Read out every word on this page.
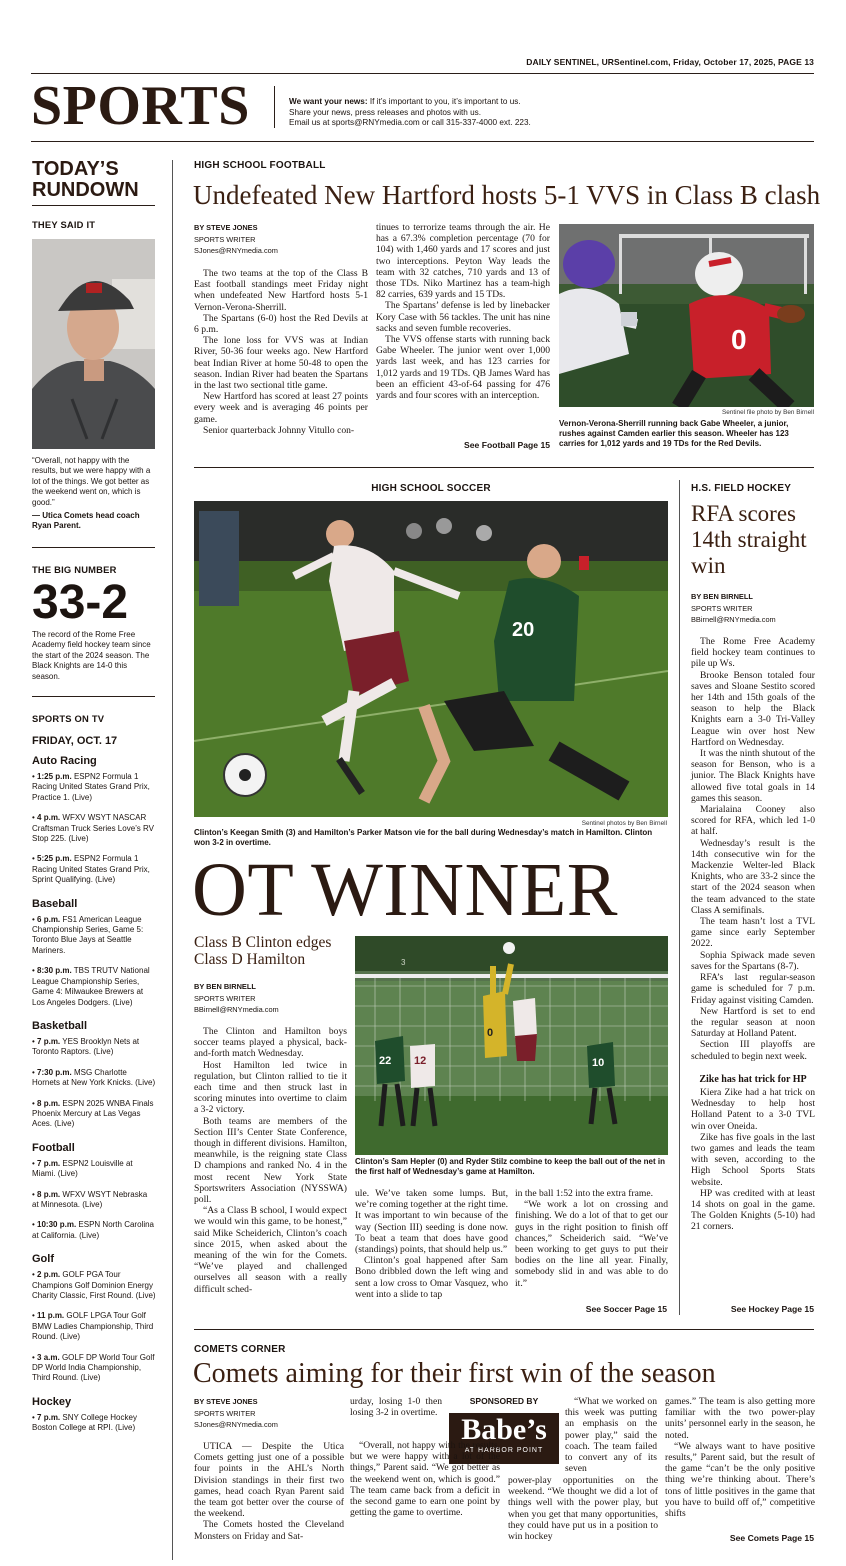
DAILY SENTINEL, URSentinel.com, Friday, October 17, 2025, PAGE 13
SPORTS	We want your news: If it’s important to you, it’s important to us.
Share your news, press releases and photos with us.
Email us at sports@RNYmedia.com or call 315-337-4000 ext. 223.
TODAY’S
RUNDOWN
THEY SAID IT
“Overall, not happy with the results, but we were happy with a lot of the things. We got better as the weekend went on, which is good.”
— Utica Comets head coach Ryan Parent.
THE BIG NUMBER
33-2
The record of the Rome Free Academy field hockey team since the start of the 2024 season. The Black Knights are 14-0 this season.
SPORTS ON TV
FRIDAY, OCT. 17
Auto Racing
• 1:25 p.m. ESPN2 Formula 1 Racing United States Grand Prix, Practice 1. (Live)
• 4 p.m. WFXV WSYT NASCAR Craftsman Truck Series Love’s RV Stop 225. (Live)
• 5:25 p.m. ESPN2 Formula 1 Racing United States Grand Prix, Sprint Qualifying. (Live)
Baseball
• 6 p.m. FS1 American League Championship Series, Game 5: Toronto Blue Jays at Seattle Mariners.
• 8:30 p.m. TBS TRUTV National League Championship Series, Game 4: Milwaukee Brewers at Los Angeles Dodgers. (Live)
Basketball
• 7 p.m. YES Brooklyn Nets at Toronto Raptors. (Live)
• 7:30 p.m. MSG Charlotte Hornets at New York Knicks. (Live)
• 8 p.m. ESPN 2025 WNBA Finals Phoenix Mercury at Las Vegas Aces. (Live)
Football
• 7 p.m. ESPN2 Louisville at Miami. (Live)
• 8 p.m. WFXV WSYT Nebraska at Minnesota. (Live)
• 10:30 p.m. ESPN North Carolina at California. (Live)
Golf
• 2 p.m. GOLF PGA Tour Champions Golf Dominion Energy Charity Classic, First Round. (Live)
• 11 p.m. GOLF LPGA Tour Golf BMW Ladies Championship, Third Round. (Live)
• 3 a.m. GOLF DP World Tour Golf DP World India Championship, Third Round. (Live)
Hockey
• 7 p.m. SNY College Hockey Boston College at RPI. (Live)
HIGH SCHOOL FOOTBALL
Undefeated New Hartford hosts 5-1 VVS in Class B clash
BY STEVE JONES
SPORTS WRITER
SJones@RNYmedia.com

The two teams at the top of the Class B East football standings meet Friday night when undefeated New Hartford hosts 5-1 Vernon-Verona-Sherrill.

The Spartans (6-0) host the Red Devils at 6 p.m.

The lone loss for VVS was at Indian River, 50-36 four weeks ago. New Hartford beat Indian River at home 50-48 to open the season. Indian River had beaten the Spartans in the last two sectional title game.

New Hartford has scored at least 27 points every week and is averaging 46 points per game.

Senior quarterback Johnny Vitullo con-

tinues to terrorize teams through the air. He has a 67.3% completion percentage (70 for 104) with 1,460 yards and 17 scores and just two interceptions. Peyton Way leads the team with 32 catches, 710 yards and 13 of those TDs. Niko Martinez has a team-high 82 carries, 639 yards and 15 TDs.

The Spartans’ defense is led by linebacker Kory Case with 56 tackles. The unit has nine sacks and seven fumble recoveries.

The VVS offense starts with running back Gabe Wheeler. The junior went over 1,000 yards last week, and has 123 carries for 1,012 yards and 19 TDs. QB James Ward has been an efficient 43-of-64 passing for 476 yards and four scores with an interception.

See Football Page 15
0
Sentinel file photo by Ben Birnell
Vernon-Verona-Sherrill running back Gabe Wheeler, a junior, rushes against Camden earlier this season. Wheeler has 123 carries for 1,012 yards and 19 TDs for the Red Devils.
HIGH SCHOOL SOCCER
20
Sentinel photos by Ben Birnell
Clinton’s Keegan Smith (3) and Hamilton’s Parker Matson vie for the ball during Wednesday’s match in Hamilton. Clinton won 3-2 in overtime.
OT WINNER
Class B Clinton edges Class D Hamilton
BY BEN BIRNELL
SPORTS WRITER
BBirnell@RNYmedia.com

The Clinton and Hamilton boys soccer teams played a physical, back-and-forth match Wednesday.

Host Hamilton led twice in regulation, but Clinton rallied to tie it each time and then struck last in scoring minutes into overtime to claim a 3-2 victory.

Both teams are members of the Section III’s Center State Conference, though in different divisions. Hamilton, meanwhile, is the reigning state Class D champions and ranked No. 4 in the most recent New York State Sportswriters Association (NYSSWA) poll.

“As a Class B school, I would expect we would win this game, to be honest,” said Mike Scheiderich, Clinton’s coach since 2015, when asked about the meaning of the win for the Comets. “We’ve played and challenged ourselves all season with a really difficult sched-

0
22 12	10
3
Clinton’s Sam Hepler (0) and Ryder Stilz combine to keep the ball out of the net in the first half of Wednesday’s game at Hamilton.

ule. We’ve taken some lumps. But, we’re coming together at the right time. It was important to win because of the way (Section III) seeding is done now. To beat a team that does have good (standings) points, that should help us.”

Clinton’s goal happened after Sam Bono dribbled down the left wing and sent a low cross to Omar Vasquez, who went into a slide to tap

in the ball 1:52 into the extra frame.

“We work a lot on crossing and finishing. We do a lot of that to get our guys in the right position to finish off chances,” Scheiderich said. “We’ve been working to get guys to put their bodies on the line all year. Finally, somebody slid in and was able to do it.”

See Soccer Page 15
H.S. FIELD HOCKEY
RFA scores 14th straight win
BY BEN BIRNELL
SPORTS WRITER
BBirnell@RNYmedia.com

The Rome Free Academy field hockey team continues to pile up Ws.

Brooke Benson totaled four saves and Sloane Sestito scored her 14th and 15th goals of the season to help the Black Knights earn a 3-0 Tri-Valley League win over host New Hartford on Wednesday.

It was the ninth shutout of the season for Benson, who is a junior. The Black Knights have allowed five total goals in 14 games this season.

Marialaina Cooney also scored for RFA, which led 1-0 at half.

Wednesday’s result is the 14th consecutive win for the Mackenzie Welter-led Black Knights, who are 33-2 since the start of the 2024 season when the team advanced to the state Class A semifinals.

The team hasn’t lost a TVL game since early September 2022.

Sophia Spiwack made seven saves for the Spartans (8-7).

RFA’s last regular-season game is scheduled for 7 p.m. Friday against visiting Camden.

New Hartford is set to end the regular season at noon Saturday at Holland Patent.

Section III playoffs are scheduled to begin next week.

Zike has hat trick for HP

Kiera Zike had a hat trick on Wednesday to help host Holland Patent to a 3-0 TVL win over Oneida.

Zike has five goals in the last two games and leads the team with seven, according to the High School Sports Stats website.

HP was credited with at least 14 shots on goal in the game. The Golden Knights (5-10) had 21 corners.

See Hockey Page 15
COMETS CORNER
Comets aiming for their first win of the season
BY STEVE JONES
SPORTS WRITER
SJones@RNYmedia.com

UTICA — Despite the Utica Comets getting just one of a possible four points in the AHL’s North Division standings in their first two games, head coach Ryan Parent said the team got better over the course of the weekend.

The Comets hosted the Cleveland Monsters on Friday and Sat-

urday, losing 1-0 then losing 3-2 in overtime.

SPONSORED BY
Babe’s
AT HARBOR POINT

“Overall, not happy with the results, but we were happy with a lot of the things,” Parent said. “We got better as the weekend went on, which is good.” The team came back from a deficit in the second game to earn one point by getting the game to overtime.

“What we worked on this week was putting an emphasis on the power play,” said the coach. The team failed to convert any of its seven

power-play opportunities on the weekend. “We thought we did a lot of things well with the power play, but when you get that many opportunities, they could have put us in a position to win hockey

games.” The team is also getting more familiar with the two power-play units’ personnel early in the season, he noted.

“We always want to have positive results,” Parent said, but the result of the game “can’t be the only positive thing we’re thinking about. There’s tons of little positives in the game that you have to build off of,” competitive shifts

See Comets Page 15
